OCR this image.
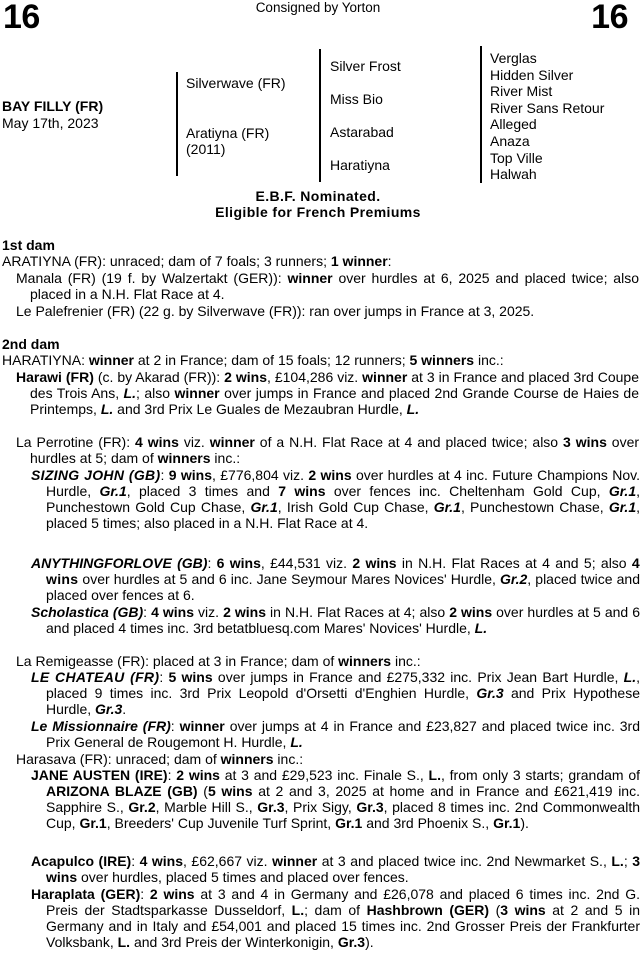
16	Consigned by Yorton	16
BAY FILLY (FR)
May 17th, 2023
Silverwave (FR)
Aratiyna (FR)
(2011)
Silver Frost
Miss Bio
Astarabad
Haratiyna
Verglas
Hidden Silver
River Mist
River Sans Retour
Alleged
Anaza
Top Ville
Halwah
E.B.F. Nominated.
Eligible for French Premiums
1st dam
ARATIYNA (FR): unraced; dam of 7 foals; 3 runners; 1 winner:
Manala (FR) (19 f. by Walzertakt (GER)): winner over hurdles at 6, 2025 and placed twice; also placed in a N.H. Flat Race at 4.
Le Palefrenier (FR) (22 g. by Silverwave (FR)): ran over jumps in France at 3, 2025.
2nd dam
HARATIYNA: winner at 2 in France; dam of 15 foals; 12 runners; 5 winners inc.:
Harawi (FR) (c. by Akarad (FR)): 2 wins, £104,286 viz. winner at 3 in France and placed 3rd Coupe des Trois Ans, L.; also winner over jumps in France and placed 2nd Grande Course de Haies de Printemps, L. and 3rd Prix Le Guales de Mezaubran Hurdle, L.
La Perrotine (FR): 4 wins viz. winner of a N.H. Flat Race at 4 and placed twice; also 3 wins over hurdles at 5; dam of winners inc.:
SIZING JOHN (GB): 9 wins, £776,804 viz. 2 wins over hurdles at 4 inc. Future Champions Nov. Hurdle, Gr.1, placed 3 times and 7 wins over fences inc. Cheltenham Gold Cup, Gr.1, Punchestown Gold Cup Chase, Gr.1, Irish Gold Cup Chase, Gr.1, Punchestown Chase, Gr.1, placed 5 times; also placed in a N.H. Flat Race at 4.
ANYTHINGFORLOVE (GB): 6 wins, £44,531 viz. 2 wins in N.H. Flat Races at 4 and 5; also 4 wins over hurdles at 5 and 6 inc. Jane Seymour Mares Novices' Hurdle, Gr.2, placed twice and placed over fences at 6.
Scholastica (GB): 4 wins viz. 2 wins in N.H. Flat Races at 4; also 2 wins over hurdles at 5 and 6 and placed 4 times inc. 3rd betatbluesq.com Mares' Novices' Hurdle, L.
La Remigeasse (FR): placed at 3 in France; dam of winners inc.:
LE CHATEAU (FR): 5 wins over jumps in France and £275,332 inc. Prix Jean Bart Hurdle, L., placed 9 times inc. 3rd Prix Leopold d'Orsetti d'Enghien Hurdle, Gr.3 and Prix Hypothese Hurdle, Gr.3.
Le Missionnaire (FR): winner over jumps at 4 in France and £23,827 and placed twice inc. 3rd Prix General de Rougemont H. Hurdle, L.
Harasava (FR): unraced; dam of winners inc.:
JANE AUSTEN (IRE): 2 wins at 3 and £29,523 inc. Finale S., L., from only 3 starts; grandam of ARIZONA BLAZE (GB) (5 wins at 2 and 3, 2025 at home and in France and £621,419 inc. Sapphire S., Gr.2, Marble Hill S., Gr.3, Prix Sigy, Gr.3, placed 8 times inc. 2nd Commonwealth Cup, Gr.1, Breeders' Cup Juvenile Turf Sprint, Gr.1 and 3rd Phoenix S., Gr.1).
Acapulco (IRE): 4 wins, £62,667 viz. winner at 3 and placed twice inc. 2nd Newmarket S., L.; 3 wins over hurdles, placed 5 times and placed over fences.
Haraplata (GER): 2 wins at 3 and 4 in Germany and £26,078 and placed 6 times inc. 2nd G. Preis der Stadtsparkasse Dusseldorf, L.; dam of Hashbrown (GER) (3 wins at 2 and 5 in Germany and in Italy and £54,001 and placed 15 times inc. 2nd Grosser Preis der Frankfurter Volksbank, L. and 3rd Preis der Winterkonigin, Gr.3).
